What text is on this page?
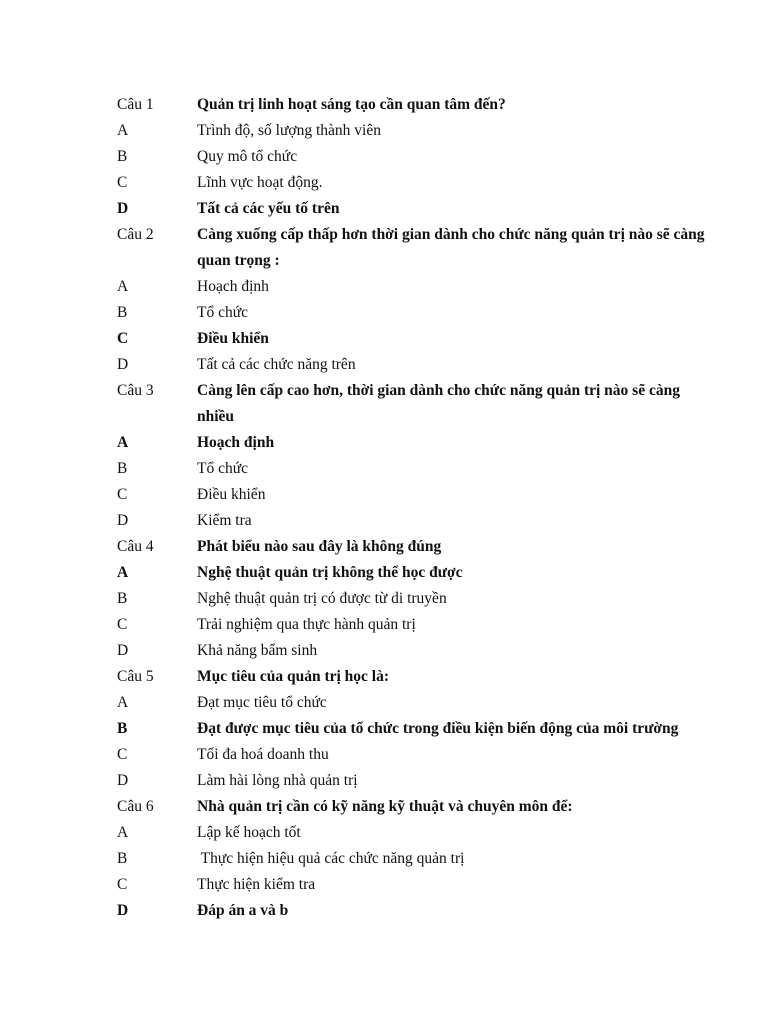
Câu 1	Quản trị linh hoạt sáng tạo cần quan tâm đến?
A	Trình độ, số lượng thành viên
B	Quy mô tổ chức
C	Lĩnh vực hoạt động.
D	Tất cả các yếu tố trên
Câu 2	Càng xuống cấp thấp hơn thời gian dành cho chức năng quản trị nào sẽ càng quan trọng :
A	Hoạch định
B	Tổ chức
C	Điều khiển
D	Tất cả các chức năng trên
Câu 3	Càng lên cấp cao hơn, thời gian dành cho chức năng quản trị nào sẽ càng nhiều
A	Hoạch định
B	Tổ chức
C	Điều khiển
D	Kiểm tra
Câu 4	Phát biểu nào sau đây là không đúng
A	Nghệ thuật quản trị không thể học được
B	Nghệ thuật quản trị có được từ di truyền
C	Trải nghiệm qua thực hành quản trị
D	Khả năng bẩm sinh
Câu 5	Mục tiêu của quản trị học là:
A	Đạt mục tiêu tổ chức
B	Đạt được mục tiêu của tổ chức trong điều kiện biến động của môi trường
C	Tối đa hoá doanh thu
D	Làm hài lòng nhà quản trị
Câu 6	Nhà quản trị cần có kỹ năng kỹ thuật và chuyên môn để:
A	Lập kế hoạch tốt
B	Thực hiện hiệu quả các chức năng quản trị
C	Thực hiện kiểm tra
D	Đáp án a và b
